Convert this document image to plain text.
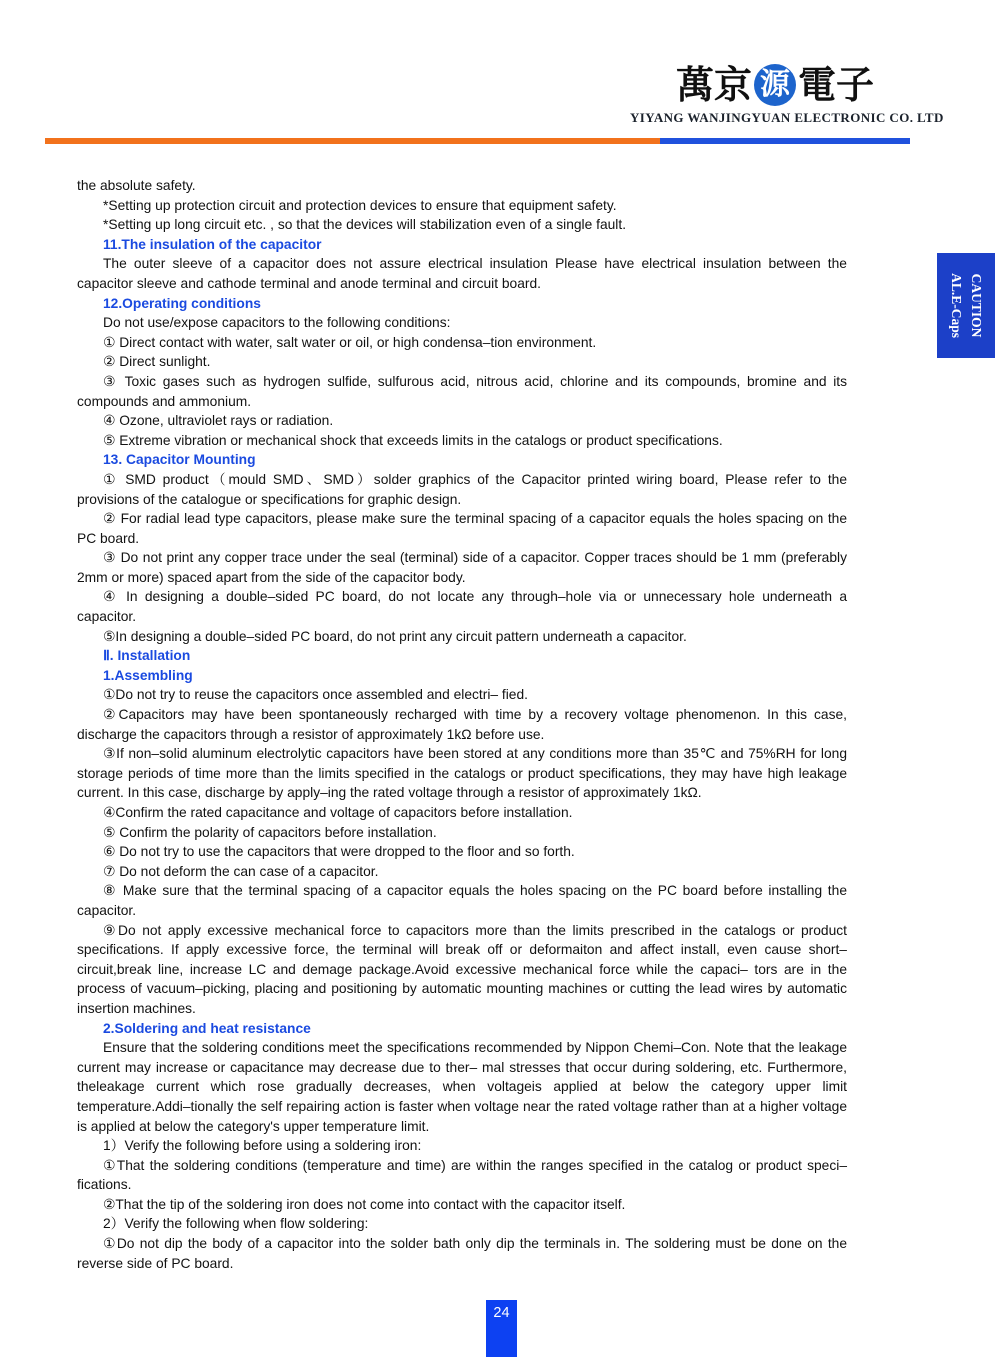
萬京 源 電子
YIYANG WANJINGYUAN ELECTRONIC CO. LTD
CAUTION
AL.E-Caps
the absolute safety.
*Setting up protection circuit and protection devices to ensure that equipment safety.
*Setting up long circuit etc. , so that the devices will stabilization even of a single fault.
11.The insulation of the capacitor
The outer sleeve of a capacitor does not assure electrical insulation Please have electrical insulation between the capacitor sleeve and cathode terminal and anode terminal and circuit board.
12.Operating conditions
Do not use/expose capacitors to the following conditions:
① Direct contact with water, salt water or oil, or high condensa–tion environment.
② Direct sunlight.
③ Toxic gases such as hydrogen sulfide, sulfurous acid, nitrous acid, chlorine and its compounds, bromine and its compounds and ammonium.
④ Ozone, ultraviolet rays or radiation.
⑤ Extreme vibration or mechanical shock that exceeds limits in the catalogs or product specifications.
13. Capacitor Mounting
① SMD product（mould SMD、SMD）solder graphics of the Capacitor printed wiring board, Please refer to the provisions of the catalogue or specifications for graphic design.
② For radial lead type capacitors, please make sure the terminal spacing of a capacitor equals the holes spacing on the PC board.
③ Do not print any copper trace under the seal (terminal) side of a capacitor. Copper traces should be 1 mm (preferably 2mm or more) spaced apart from the side of the capacitor body.
④ In designing a double–sided PC board, do not locate any through–hole via or unnecessary hole underneath a capacitor.
⑤In designing a double–sided PC board, do not print any circuit pattern underneath a capacitor.
Ⅱ. Installation
1.Assembling
①Do not try to reuse the capacitors once assembled and electri– fied.
②Capacitors may have been spontaneously recharged with time by a recovery voltage phenomenon. In this case, discharge the capacitors through a resistor of approximately 1kΩ before use.
③If non–solid aluminum electrolytic capacitors have been stored at any conditions more than 35℃ and 75%RH for long storage periods of time more than the limits specified in the catalogs or product specifications, they may have high leakage current. In this case, discharge by apply–ing the rated voltage through a resistor of approximately 1kΩ.
④Confirm the rated capacitance and voltage of capacitors before installation.
⑤ Confirm the polarity of capacitors before installation.
⑥ Do not try to use the capacitors that were dropped to the floor and so forth.
⑦ Do not deform the can case of a capacitor.
⑧ Make sure that the terminal spacing of a capacitor equals the holes spacing on the PC board before installing the capacitor.
⑨Do not apply excessive mechanical force to capacitors more than the limits prescribed in the catalogs or product specifications. If apply excessive force, the terminal will break off or deformaiton and affect install, even cause short–circuit,break line, increase LC and demage package.Avoid excessive mechanical force while the capaci– tors are in the process of vacuum–picking, placing and positioning by automatic mounting machines or cutting the lead wires by automatic insertion machines.
2.Soldering and heat resistance
Ensure that the soldering conditions meet the specifications recommended by Nippon Chemi–Con. Note that the leakage current may increase or capacitance may decrease due to ther– mal stresses that occur during soldering, etc. Furthermore, theleakage current which rose gradually decreases, when voltageis applied at below the category upper limit temperature.Addi–tionally the self repairing action is faster when voltage near the rated voltage rather than at a higher voltage is applied at below the category's upper temperature limit.
1）Verify the following before using a soldering iron:
①That the soldering conditions (temperature and time) are within the ranges specified in the catalog or product speci–fications.
②That the tip of the soldering iron does not come into contact with the capacitor itself.
2）Verify the following when flow soldering:
①Do not dip the body of a capacitor into the solder bath only dip the terminals in. The soldering must be done on the reverse side of PC board.
24
